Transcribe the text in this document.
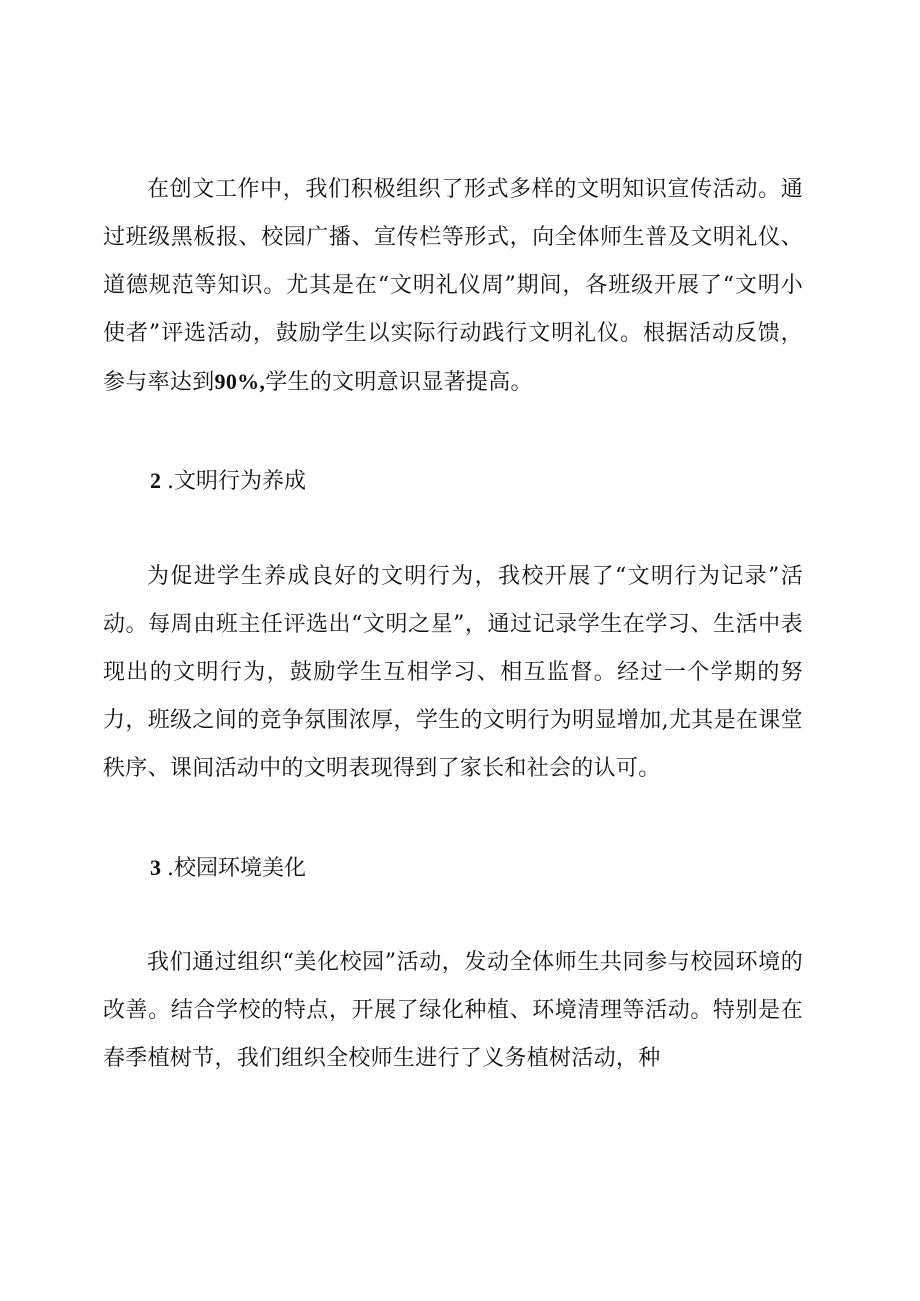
在创文工作中，我们积极组织了形式多样的文明知识宣传活动。通过班级黑板报、校园广播、宣传栏等形式，向全体师生普及文明礼仪、道德规范等知识。尤其是在“文明礼仪周”期间，各班级开展了“文明小使者”评选活动，鼓励学生以实际行动践行文明礼仪。根据活动反馈，参与率达到90%,学生的文明意识显著提高。

2 .文明行为养成

为促进学生养成良好的文明行为，我校开展了“文明行为记录”活动。每周由班主任评选出“文明之星”，通过记录学生在学习、生活中表现出的文明行为，鼓励学生互相学习、相互监督。经过一个学期的努力，班级之间的竞争氛围浓厚，学生的文明行为明显增加,尤其是在课堂秩序、课间活动中的文明表现得到了家长和社会的认可。

3 .校园环境美化

我们通过组织“美化校园”活动，发动全体师生共同参与校园环境的改善。结合学校的特点，开展了绿化种植、环境清理等活动。特别是在春季植树节，我们组织全校师生进行了义务植树活动，种
